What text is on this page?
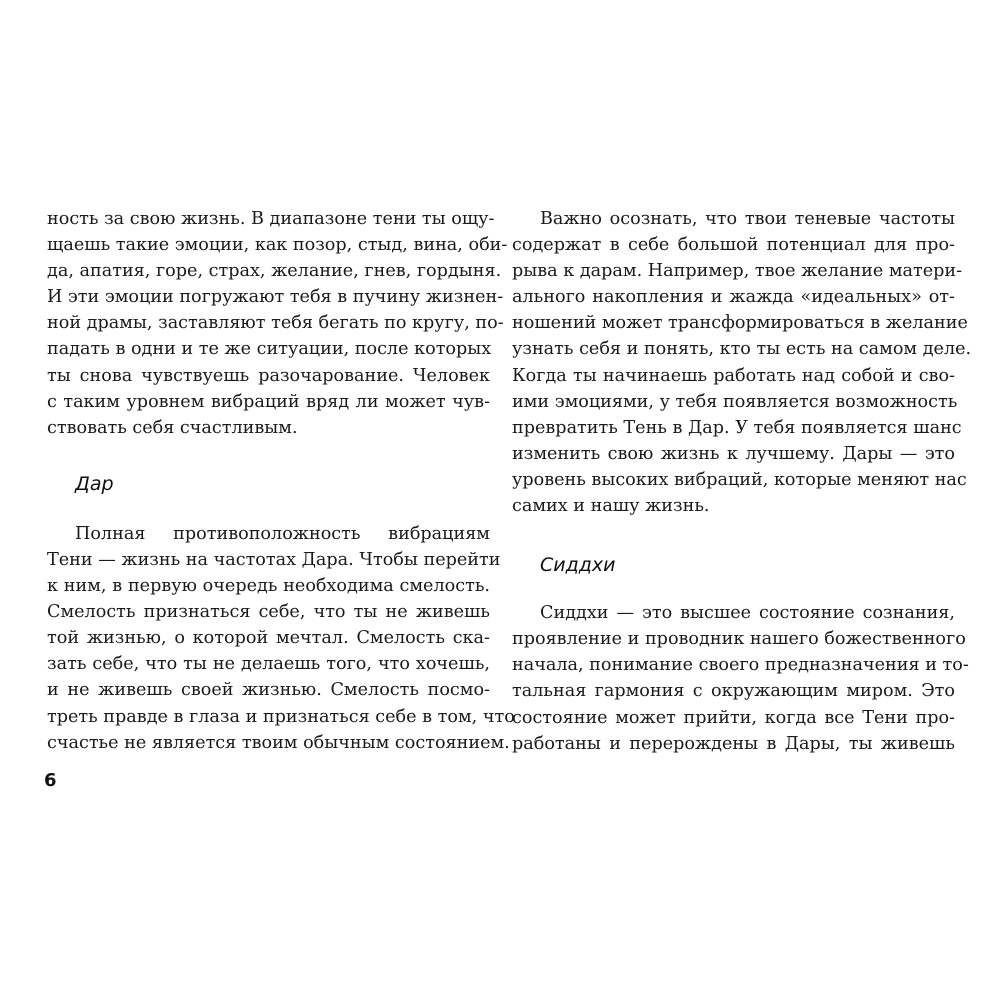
ность за свою жизнь. В диапазоне тени ты ощу-
щаешь такие эмоции, как позор, стыд, вина, оби-
да, апатия, горе, страх, желание, гнев, гордыня.
И эти эмоции погружают тебя в пучину жизнен-
ной драмы, заставляют тебя бегать по кругу, по-
падать в одни и те же ситуации, после которых
ты снова чувствуешь разочарование. Человек
с таким уровнем вибраций вряд ли может чув-
ствовать себя счастливым.
Дар
Полная противоположность вибрациям
Тени — жизнь на частотах Дара. Чтобы перейти
к ним, в первую очередь необходима смелость.
Смелость признаться себе, что ты не живешь
той жизнью, о которой мечтал. Смелость ска-
зать себе, что ты не делаешь того, что хочешь,
и не живешь своей жизнью. Смелость посмо-
треть правде в глаза и признаться себе в том, что
счастье не является твоим обычным состоянием.
Важно осознать, что твои теневые частоты
содержат в себе большой потенциал для про-
рыва к дарам. Например, твое желание матери-
ального накопления и жажда «идеальных» от-
ношений может трансформироваться в желание
узнать себя и понять, кто ты есть на самом деле.
Когда ты начинаешь работать над собой и сво-
ими эмоциями, у тебя появляется возможность
превратить Тень в Дар. У тебя появляется шанс
изменить свою жизнь к лучшему. Дары — это
уровень высоких вибраций, которые меняют нас
самих и нашу жизнь.
Сиддхи
Сиддхи — это высшее состояние сознания,
проявление и проводник нашего божественного
начала, понимание своего предназначения и то-
тальная гармония с окружающим миром. Это
состояние может прийти, когда все Тени про-
работаны и перерождены в Дары, ты живешь
6
